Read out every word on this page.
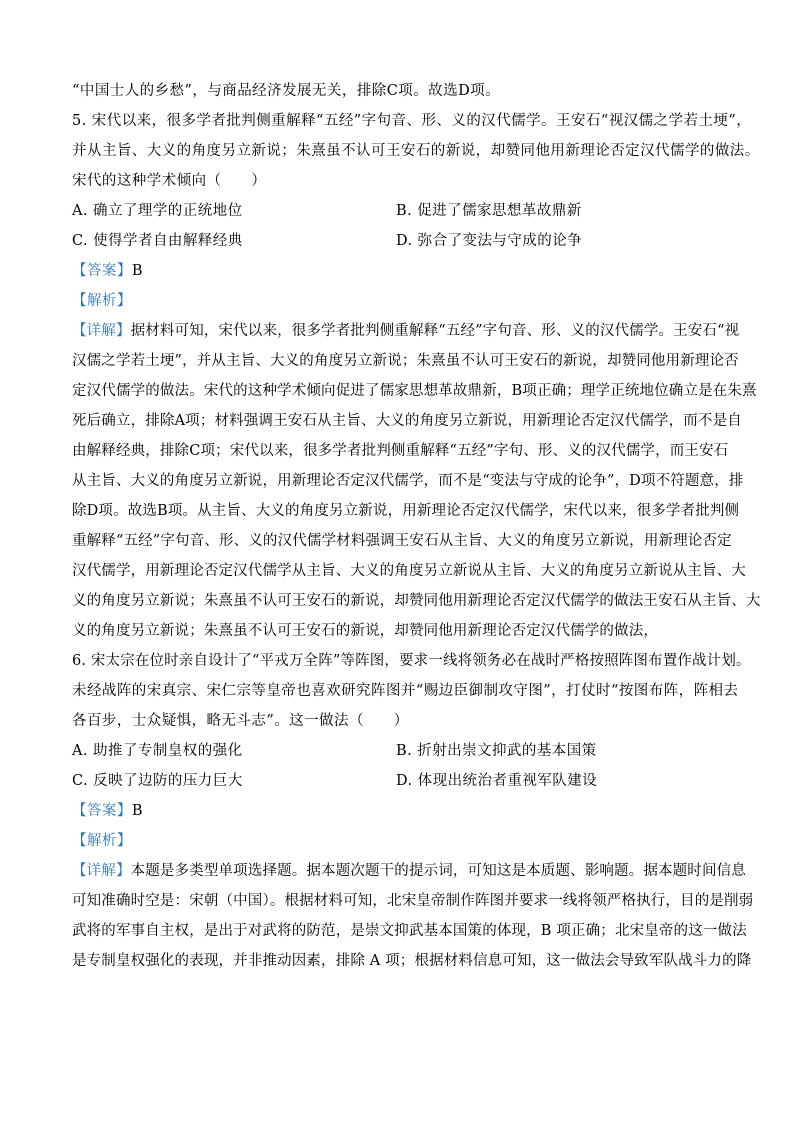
“中国士人的乡愁”，与商品经济发展无关，排除C项。故选D项。
5. 宋代以来，很多学者批判侧重解释“五经”字句音、形、义的汉代儒学。王安石“视汉儒之学若土埂”，
并从主旨、大义的角度另立新说；朱熹虽不认可王安石的新说，却赞同他用新理论否定汉代儒学的做法。
宋代的这种学术倾向（　　）
A. 确立了理学的正统地位	B. 促进了儒家思想革故鼎新
C. 使得学者自由解释经典	D. 弥合了变法与守成的论争
【答案】B
【解析】
【详解】据材料可知，宋代以来，很多学者批判侧重解释“五经”字句音、形、义的汉代儒学。王安石“视
汉儒之学若土埂”，并从主旨、大义的角度另立新说；朱熹虽不认可王安石的新说，却赞同他用新理论否
定汉代儒学的做法。宋代的这种学术倾向促进了儒家思想革故鼎新，B项正确；理学正统地位确立是在朱熹
死后确立，排除A项；材料强调王安石从主旨、大义的角度另立新说，用新理论否定汉代儒学，而不是自
由解释经典，排除C项；宋代以来，很多学者批判侧重解释“五经”字句、形、义的汉代儒学，而王安石
从主旨、大义的角度另立新说，用新理论否定汉代儒学，而不是“变法与守成的论争”，D项不符题意，排
除D项。故选B项。从主旨、大义的角度另立新说，用新理论否定汉代儒学，宋代以来，很多学者批判侧
重解释“五经”字句音、形、义的汉代儒学材料强调王安石从主旨、大义的角度另立新说，用新理论否定
汉代儒学，用新理论否定汉代儒学从主旨、大义的角度另立新说从主旨、大义的角度另立新说从主旨、大
义的角度另立新说；朱熹虽不认可王安石的新说，却赞同他用新理论否定汉代儒学的做法王安石从主旨、大
义的角度另立新说；朱熹虽不认可王安石的新说，却赞同他用新理论否定汉代儒学的做法，
6. 宋太宗在位时亲自设计了“平戎万全阵”等阵图，要求一线将领务必在战时严格按照阵图布置作战计划。
未经战阵的宋真宗、宋仁宗等皇帝也喜欢研究阵图并“赐边臣御制攻守图”，打仗时“按图布阵，阵相去
各百步，士众疑惧，略无斗志”。这一做法（　　）
A. 助推了专制皇权的强化	B. 折射出崇文抑武的基本国策
C. 反映了边防的压力巨大	D. 体现出统治者重视军队建设
【答案】B
【解析】
【详解】本题是多类型单项选择题。据本题次题干的提示词，可知这是本质题、影响题。据本题时间信息
可知准确时空是：宋朝（中国）。根据材料可知，北宋皇帝制作阵图并要求一线将领严格执行，目的是削弱
武将的军事自主权，是出于对武将的防范，是崇文抑武基本国策的体现，B 项正确；北宋皇帝的这一做法
是专制皇权强化的表现，并非推动因素，排除 A 项；根据材料信息可知，这一做法会导致军队战斗力的降
